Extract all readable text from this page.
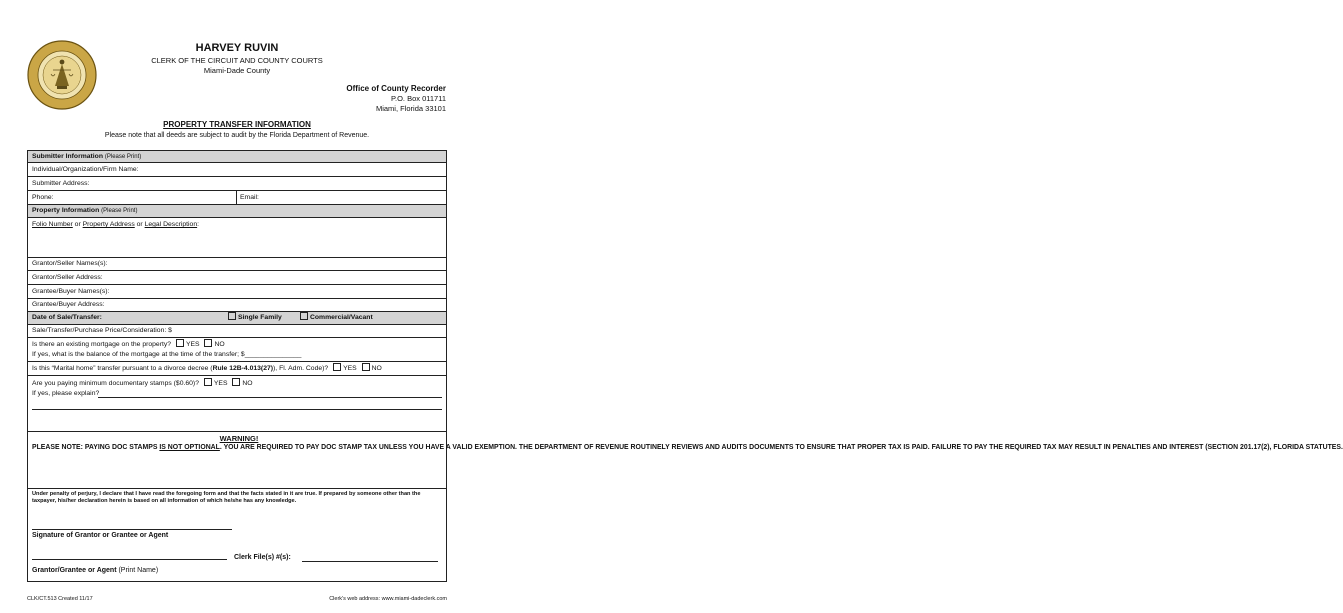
HARVEY RUVIN
CLERK OF THE CIRCUIT AND COUNTY COURTS
Miami-Dade County
Office of County Recorder
P.O. Box 011711
Miami, Florida 33101
PROPERTY TRANSFER INFORMATION
Please note that all deeds are subject to audit by the Florida Department of Revenue.
Submitter Information (Please Print)
Individual/Organization/Firm Name:
Submitter Address:
Phone:	Email:
Property Information (Please Print)
Folio Number or Property Address or Legal Description:
Grantor/Seller Names(s):
Grantor/Seller Address:
Grantee/Buyer Names(s):
Grantee/Buyer Address:
Date of Sale/Transfer:	Single Family	Commercial/Vacant
Sale/Transfer/Purchase Price/Consideration: $
Is there an existing mortgage on the property? YES NO
If yes, what is the balance of the mortgage at the time of the transfer; $_______________
Is this “Marital home” transfer pursuant to a divorce decree (Rule 12B-4.013(27)), Fl. Adm. Code)? YES NO
Are you paying minimum documentary stamps ($0.60)? YES NO
If yes, please explain?
WARNING!
PLEASE NOTE: PAYING DOC STAMPS IS NOT OPTIONAL. YOU ARE REQUIRED TO PAY DOC STAMP TAX UNLESS YOU HAVE A VALID EXEMPTION. THE DEPARTMENT OF REVENUE ROUTINELY REVIEWS AND AUDITS DOCUMENTS TO ENSURE THAT PROPER TAX IS PAID. FAILURE TO PAY THE REQUIRED TAX MAY RESULT IN PENALTIES AND INTEREST (SECTION 201.17(2), FLORIDA STATUTES.
Under penalty of perjury, I declare that I have read the foregoing form and that the facts stated in it are true. If prepared by someone other than the taxpayer, his/her declaration herein is based on all information of which he/she has any knowledge.
Signature of Grantor or Grantee or Agent
Clerk File(s) #(s):
Grantor/Grantee or Agent (Print Name)
CLK/CT.513 Created 11/17	Clerk's web address: www.miami-dadeclerk.com
